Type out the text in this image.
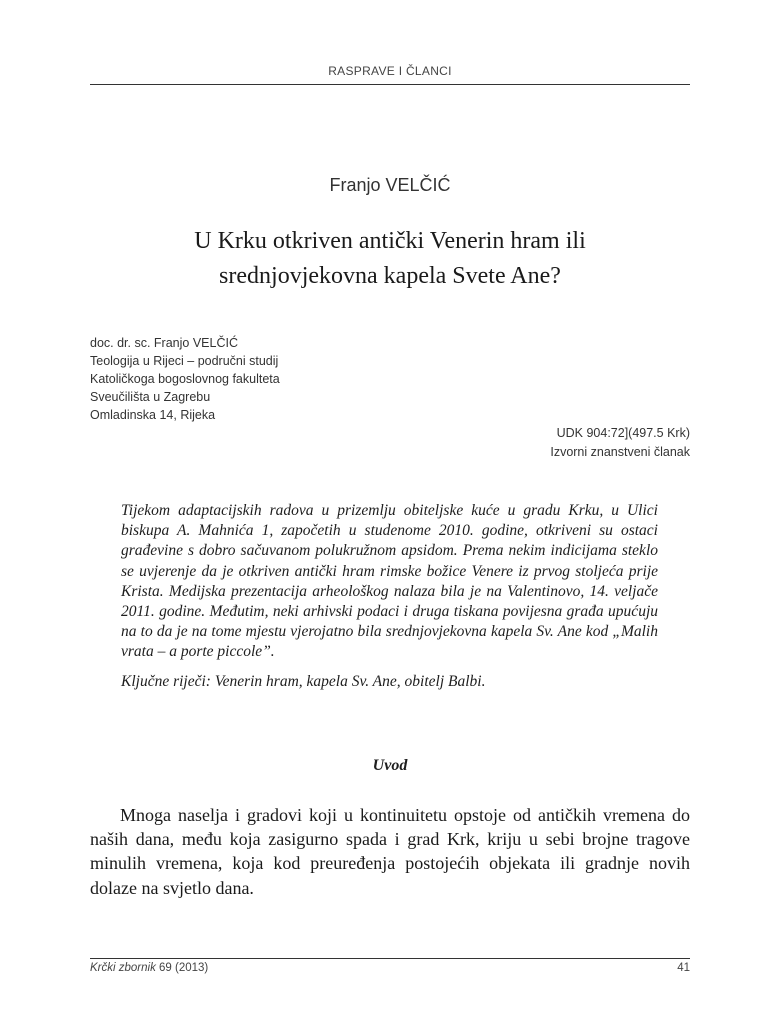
RASPRAVE I ČLANCI
Franjo VELČIĆ
U Krku otkriven antički Venerin hram ili
srednjovjekovna kapela Svete Ane?
doc. dr. sc. Franjo VELČIĆ
Teologija u Rijeci – područni studij
Katoličkoga bogoslovnog fakulteta
Sveučilišta u Zagrebu
Omladinska 14, Rijeka
UDK 904:72](497.5 Krk)
Izvorni znanstveni članak

Tijekom adaptacijskih radova u prizemlju obiteljske kuće u gradu Krku, u Ulici biskupa A. Mahnića 1, započetih u studenome 2010. godine, otkriveni su ostaci građevine s dobro sačuvanom polukružnom apsidom. Prema nekim indicijama steklo se uvjerenje da je otkriven antički hram rimske božice Venere iz prvog stoljeća prije Krista. Medijska prezentacija arheološkog nalaza bila je na Valentinovo, 14. veljače 2011. godine. Međutim, neki arhivski podaci i druga tiskana povijesna građa upućuju na to da je na tome mjestu vjerojatno bila srednjovjekovna kapela Sv. Ane kod „Malih vrata – a porte piccole”.

Ključne riječi: Venerin hram, kapela Sv. Ane, obitelj Balbi.

Uvod

Mnoga naselja i gradovi koji u kontinuitetu opstoje od antičkih vremena do naših dana, među koja zasigurno spada i grad Krk, kriju u sebi brojne tragove minulih vremena, koja kod preuređenja postojećih objekata ili gradnje novih dolaze na svjetlo dana.

Krčki zbornik 69 (2013)	41
